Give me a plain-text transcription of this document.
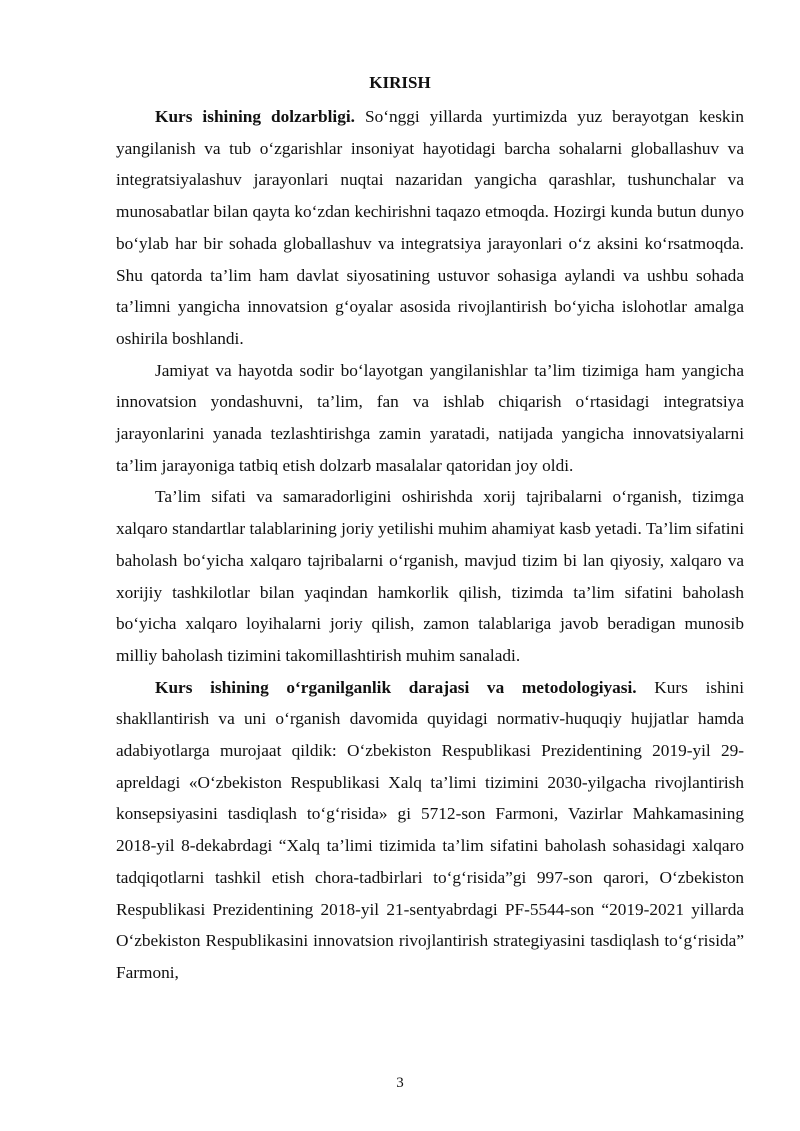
KIRISH

Kurs ishining dolzarbligi. So‘nggi yillarda yurtimizda yuz berayotgan keskin yangilanish va tub o‘zgarishlar insoniyat hayotidagi barcha sohalarni globallashuv va integratsiyalashuv jarayonlari nuqtai nazaridan yangicha qarashlar, tushunchalar va munosabatlar bilan qayta ko‘zdan kechirishni taqazo etmoqda. Hozirgi kunda butun dunyo bo‘ylab har bir sohada globallashuv va integratsiya jarayonlari o‘z aksini ko‘rsatmoqda. Shu qatorda ta’lim ham davlat siyosatining ustuvor sohasiga aylandi va ushbu sohada ta’limni yangicha innovatsion g‘oyalar asosida rivojlantirish bo‘yicha islohotlar amalga oshirila boshlandi.

Jamiyat va hayotda sodir bo‘layotgan yangilanishlar ta’lim tizimiga ham yangicha innovatsion yondashuvni, ta’lim, fan va ishlab chiqarish o‘rtasidagi integratsiya jarayonlarini yanada tezlashtirishga zamin yaratadi, natijada yangicha innovatsiyalarni ta’lim jarayoniga tatbiq etish dolzarb masalalar qatoridan joy oldi.

Ta’lim sifati va samaradorligini oshirishda xorij tajribalarni o‘rganish, tizimga xalqaro standartlar talablarining joriy yetilishi muhim ahamiyat kasb yetadi. Ta’lim sifatini baholash bo‘yicha xalqaro tajribalarni o‘rganish, mavjud tizim bi lan qiyosiy, xalqaro va xorijiy tashkilotlar bilan yaqindan hamkorlik qilish, tizimda ta’lim sifatini baholash bo‘yicha xalqaro loyihalarni joriy qilish, zamon talablariga javob beradigan munosib milliy baholash tizimini takomillashtirish muhim sanaladi.

Kurs ishining o‘rganilganlik darajasi va metodologiyasi. Kurs ishini shakllantirish va uni o‘rganish davomida quyidagi normativ-huquqiy hujjatlar hamda adabiyotlarga murojaat qildik: O‘zbekiston Respublikasi Prezidentining 2019-yil 29-apreldagi «O‘zbekiston Respublikasi Xalq ta’limi tizimini 2030-yilgacha rivojlantirish konsepsiyasini tasdiqlash to‘g‘risida» gi 5712-son Farmoni, Vazirlar Mahkamasining 2018-yil 8-dekabrdagi “Xalq ta’limi tizimida ta’lim sifatini baholash sohasidagi xalqaro tadqiqotlarni tashkil etish chora-tadbirlari to‘g‘risida”gi 997-son qarori, O‘zbekiston Respublikasi Prezidentining 2018-yil 21-sentyabrdagi PF-5544-son “2019-2021 yillarda O‘zbekiston Respublikasini innovatsion rivojlantirish strategiyasini tasdiqlash to‘g‘risida” Farmoni,

3
